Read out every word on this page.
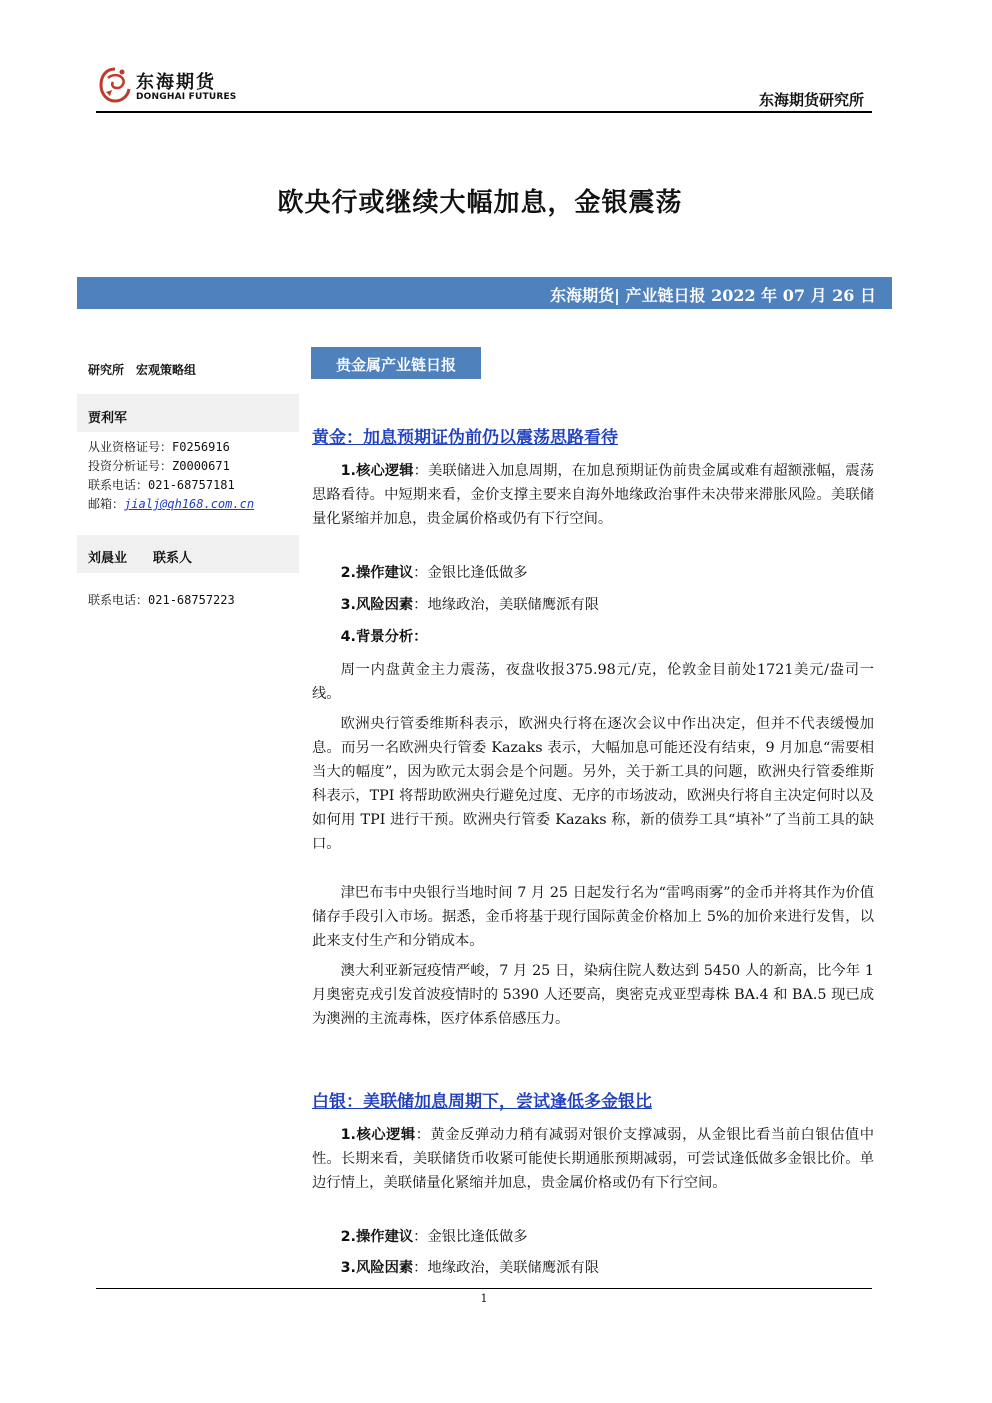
东海期货
DONGHAI FUTURES	东海期货研究所
欧央行或继续大幅加息，金银震荡
东海期货| 产业链日报 2022 年 07 月 26 日
研究所　宏观策略组
贾利军
从业资格证号：F0256916
投资分析证号：Z0000671
联系电话：021-68757181
邮箱：jialj@qh168.com.cn
刘晨业　　联系人
联系电话：021-68757223
贵金属产业链日报
黄金：加息预期证伪前仍以震荡思路看待

1.核心逻辑：美联储进入加息周期，在加息预期证伪前贵金属或难有超额涨幅，震荡思路看待。中短期来看，金价支撑主要来自海外地缘政治事件未决带来滞胀风险。美联储量化紧缩并加息，贵金属价格或仍有下行空间。

2.操作建议：金银比逢低做多

3.风险因素：地缘政治，美联储鹰派有限

4.背景分析：

周一内盘黄金主力震荡，夜盘收报375.98元/克，伦敦金目前处1721美元/盎司一线。

欧洲央行管委维斯科表示，欧洲央行将在逐次会议中作出决定，但并不代表缓慢加息。而另一名欧洲央行管委 Kazaks 表示，大幅加息可能还没有结束，9 月加息“需要相当大的幅度”，因为欧元太弱会是个问题。另外，关于新工具的问题，欧洲央行管委维斯科表示，TPI 将帮助欧洲央行避免过度、无序的市场波动，欧洲央行将自主决定何时以及如何用 TPI 进行干预。欧洲央行管委 Kazaks 称，新的债券工具“填补”了当前工具的缺口。

津巴布韦中央银行当地时间 7 月 25 日起发行名为“雷鸣雨雾”的金币并将其作为价值储存手段引入市场。据悉，金币将基于现行国际黄金价格加上 5%的加价来进行发售，以此来支付生产和分销成本。

澳大利亚新冠疫情严峻，7 月 25 日，染病住院人数达到 5450 人的新高，比今年 1 月奥密克戎引发首波疫情时的 5390 人还要高，奥密克戎亚型毒株 BA.4 和 BA.5 现已成为澳洲的主流毒株，医疗体系倍感压力。

白银：美联储加息周期下，尝试逢低多金银比

1.核心逻辑：黄金反弹动力稍有减弱对银价支撑减弱，从金银比看当前白银估值中性。长期来看，美联储货币收紧可能使长期通胀预期减弱，可尝试逢低做多金银比价。单边行情上，美联储量化紧缩并加息，贵金属价格或仍有下行空间。

2.操作建议：金银比逢低做多

3.风险因素：地缘政治，美联储鹰派有限

1
